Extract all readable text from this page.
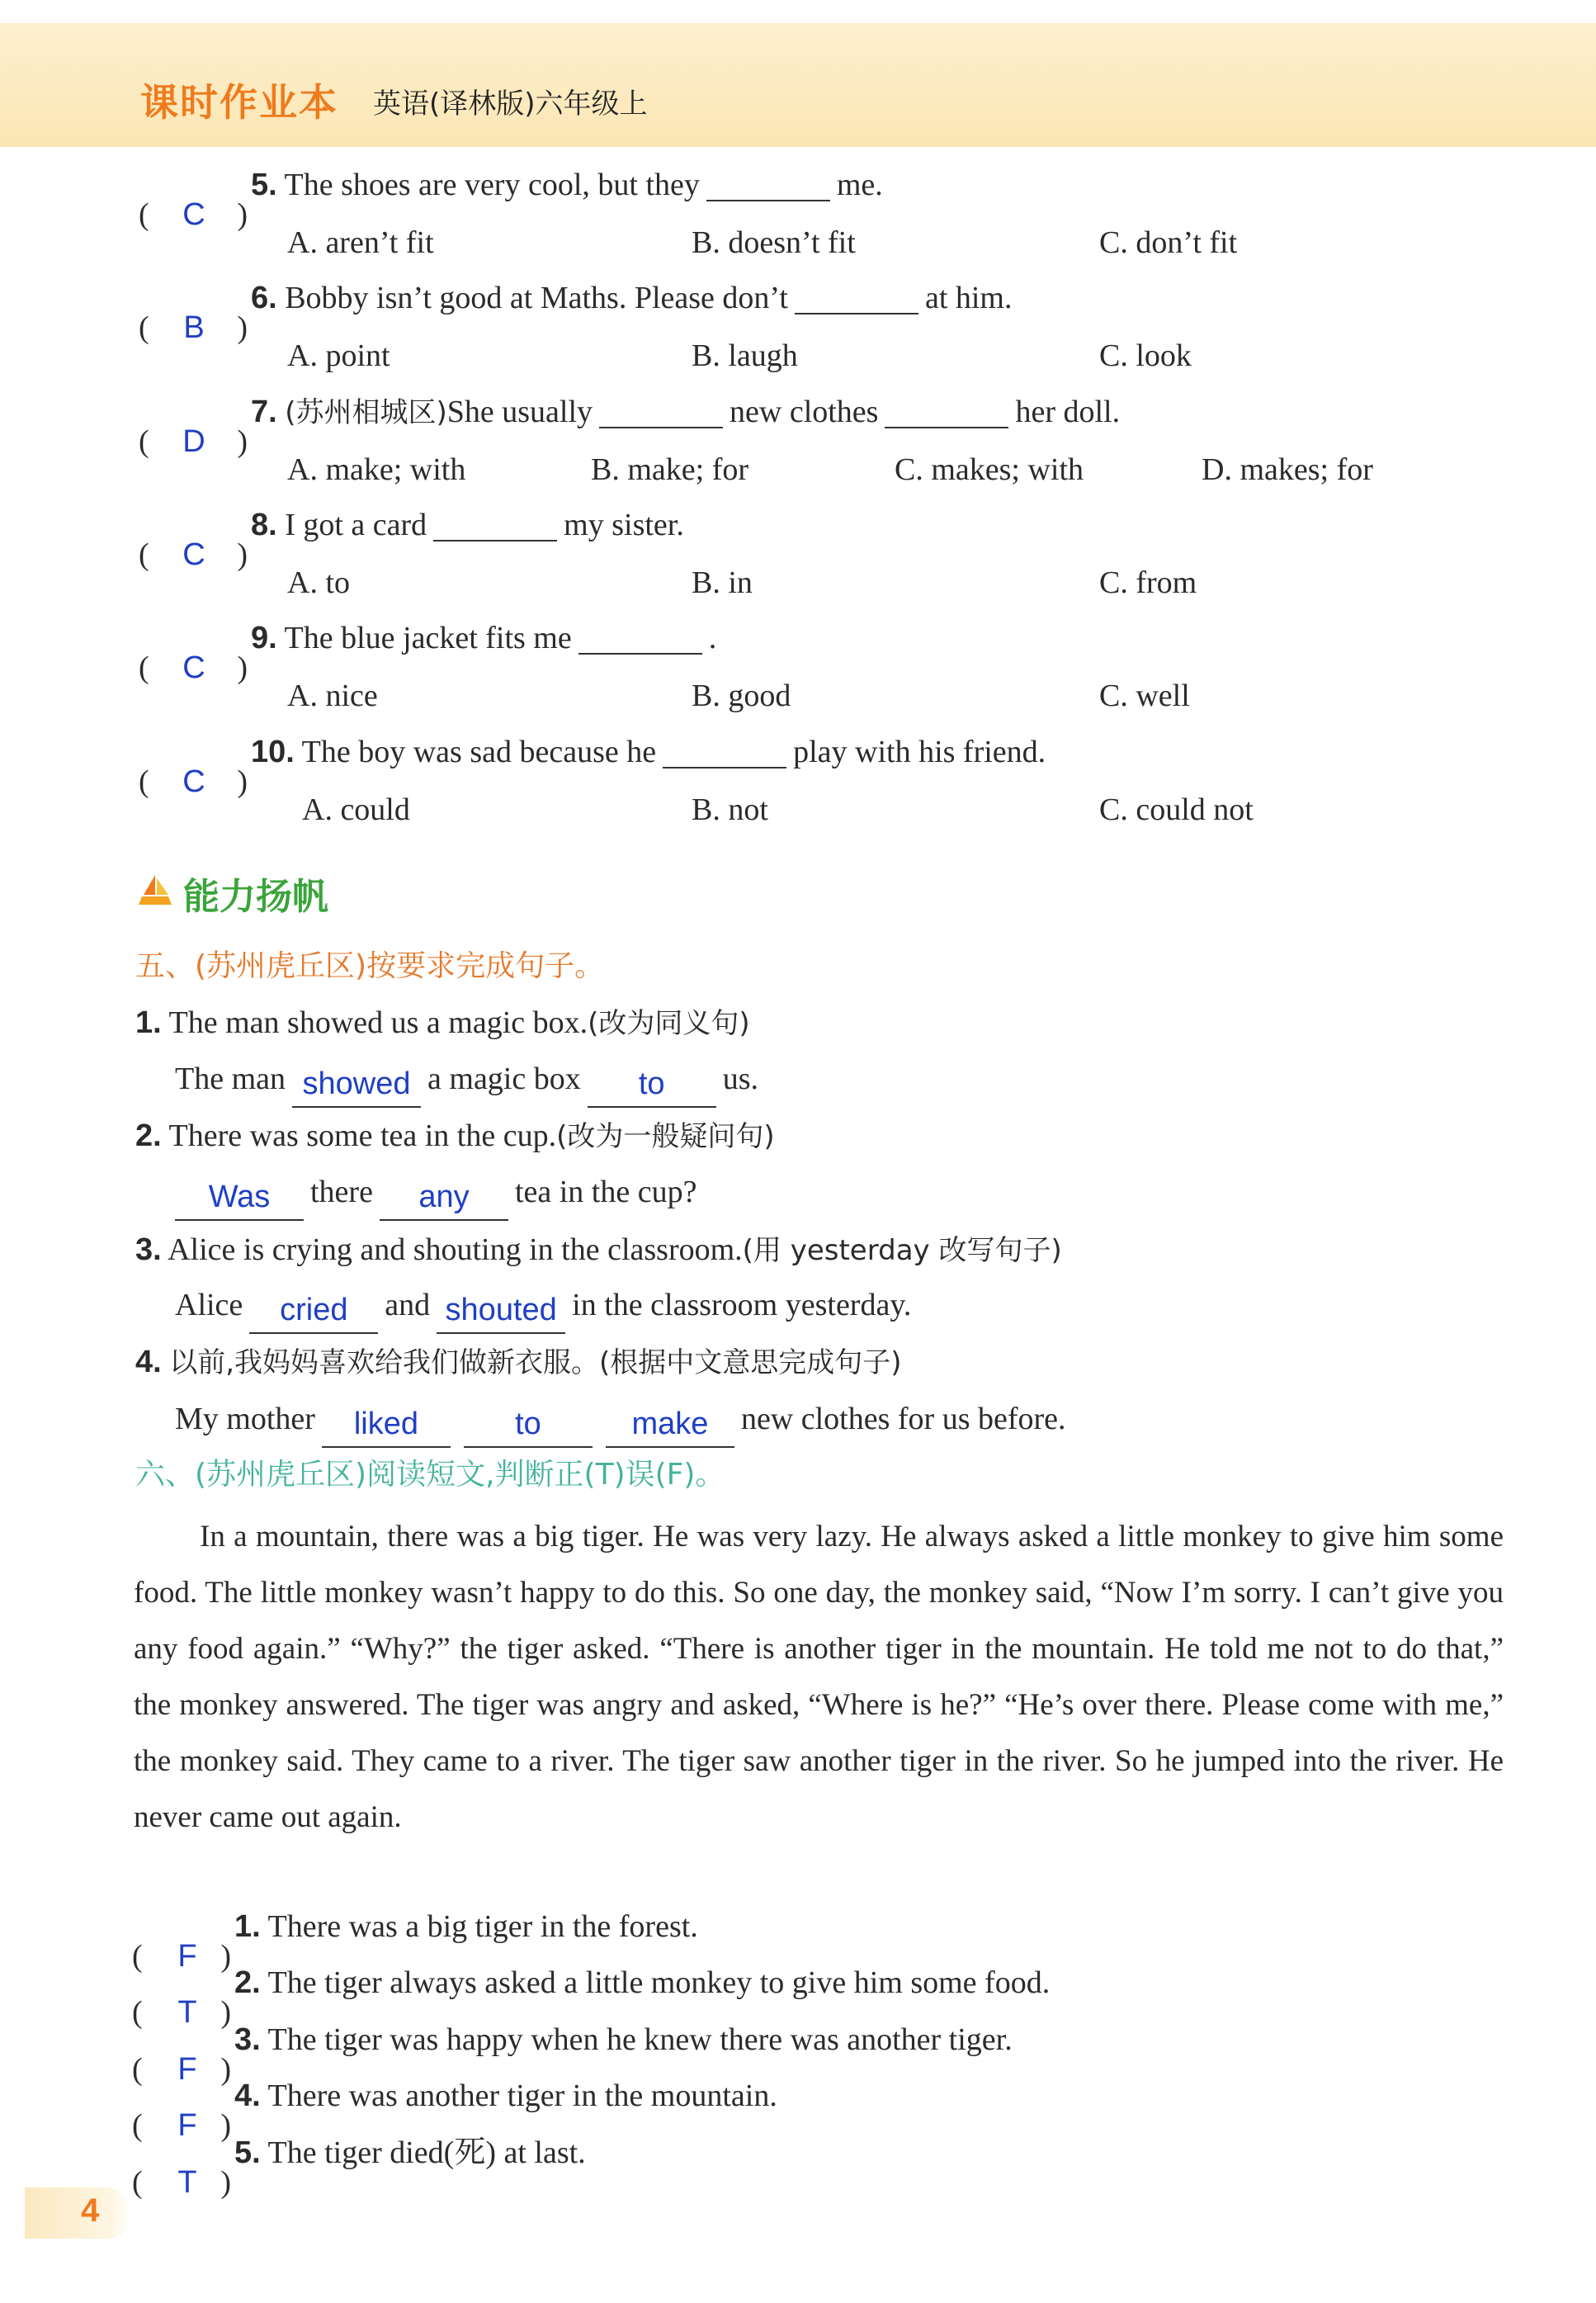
课时作业本 英语(译林版)六年级上
( C )
5. The shoes are very cool, but they	me.
A. aren’t fit	B. doesn’t fit	C. don’t fit
(	B	)
6. Bobby isn’t good at Maths. Please don’t	at him.
A. point	B. laugh	C. look
( D )
7. (苏州相城区)She usually	new clothes	her doll.
A. make; with	B. make; for	C. makes; with	D. makes; for
( C )
8. I got a card	my sister.
A. to	B. in	C. from
( C )
9. The blue jacket fits me	.
A. nice	B. good	C. well
( C )
10. The boy was sad because he	play with his friend.
A. could	B. not	C. could not
能力扬帆
五、(苏州虎丘区)按要求完成句子。
1. The man showed us a magic box.(改为同义句)
The man showed a magic box to us.
2. There was some tea in the cup.(改为一般疑问句)
Was there any tea in the cup?
3. Alice is crying and shouting in the classroom.(用 yesterday 改写句子)
Alice cried and shouted in the classroom yesterday.
4. 以前,我妈妈喜欢给我们做新衣服。(根据中文意思完成句子)
My mother liked	to	make new clothes for us before.
六、(苏州虎丘区)阅读短文,判断正(T)误(F)。
In a mountain, there was a big tiger. He was very lazy. He always asked a little monkey to give him some food. The little monkey wasn’t happy to do this. So one day, the monkey said, “Now I’m sorry. I can’t give you any food again.” “Why?” the tiger asked. “There is another tiger in the mountain. He told me not to do that,” the monkey answered. The tiger was angry and asked, “Where is he?” “He’s over there. Please come with me,” the monkey said. They came to a river. The tiger saw another tiger in the river. So he jumped into the river. He never came out again.
(	F )
1. There was a big tiger in the forest.
(	T )
2. The tiger always asked a little monkey to give him some food.
(	F )
3. The tiger was happy when he knew there was another tiger.
(	F )
4. There was another tiger in the mountain.
(	T )
5. The tiger died(死) at last.
4
